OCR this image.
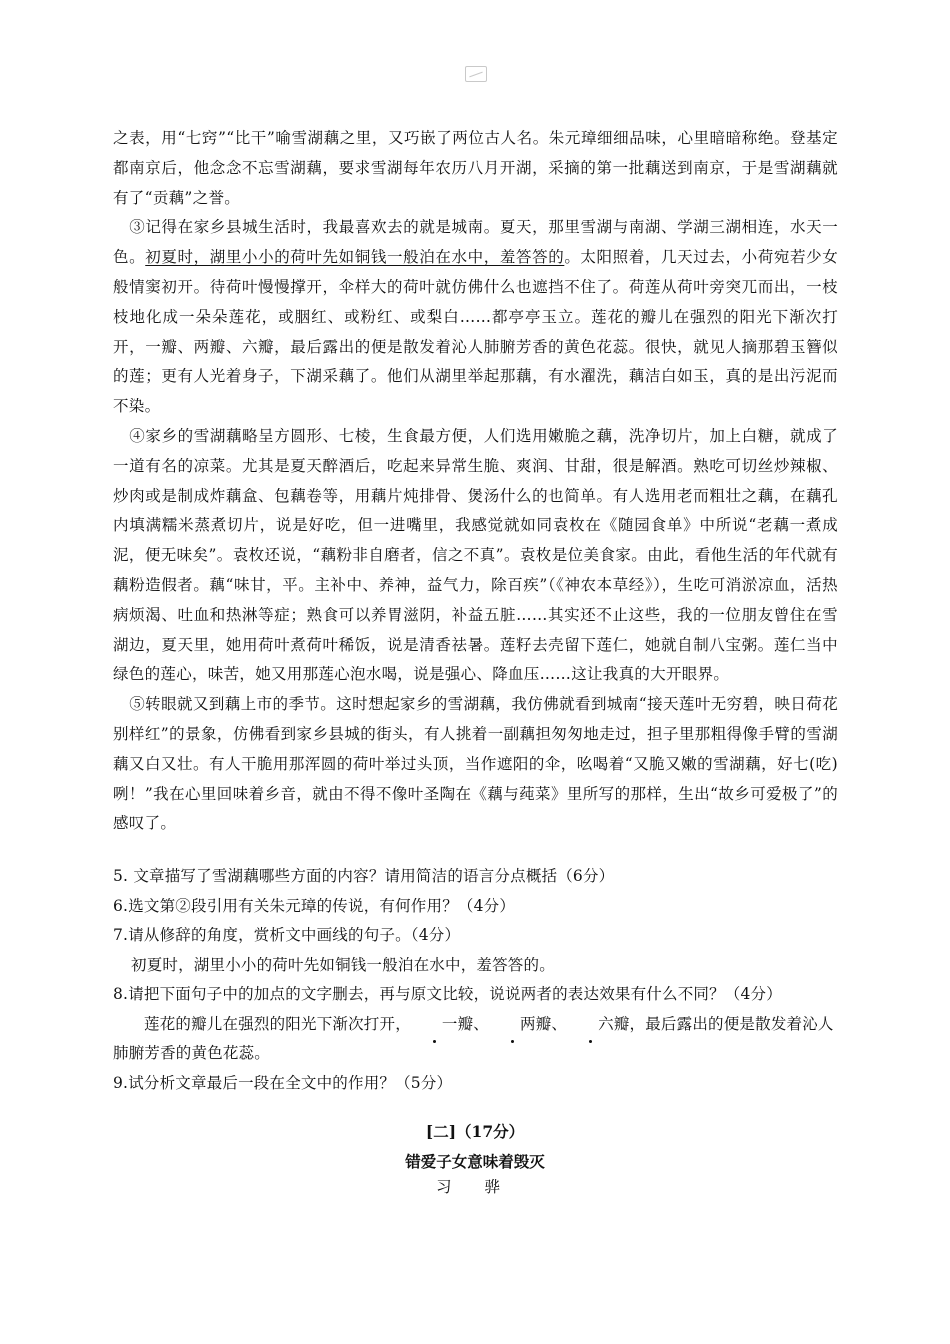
之表，用“七窍”“比干”喻雪湖藕之里，又巧嵌了两位古人名。朱元璋细细品味，心里暗暗称绝。登基定都南京后，他念念不忘雪湖藕，要求雪湖每年农历八月开湖，采摘的第一批藕送到南京，于是雪湖藕就有了“贡藕”之誉。

③记得在家乡县城生活时，我最喜欢去的就是城南。夏天，那里雪湖与南湖、学湖三湖相连，水天一色。初夏时，湖里小小的荷叶先如铜钱一般泊在水中，羞答答的。太阳照着，几天过去，小荷宛若少女般情窦初开。待荷叶慢慢撑开，伞样大的荷叶就仿佛什么也遮挡不住了。荷莲从荷叶旁突兀而出，一枝枝地化成一朵朵莲花，或胭红、或粉红、或梨白……都亭亭玉立。莲花的瓣儿在强烈的阳光下渐次打开，一瓣、两瓣、六瓣，最后露出的便是散发着沁人肺腑芳香的黄色花蕊。很快，就见人摘那碧玉簪似的莲；更有人光着身子，下湖采藕了。他们从湖里举起那藕，有水濯洗，藕洁白如玉，真的是出污泥而不染。

④家乡的雪湖藕略呈方圆形、七棱，生食最方便，人们选用嫩脆之藕，洗净切片，加上白糖，就成了一道有名的凉菜。尤其是夏天醉酒后，吃起来异常生脆、爽润、甘甜，很是解酒。熟吃可切丝炒辣椒、炒肉或是制成炸藕盒、包藕卷等，用藕片炖排骨、煲汤什么的也简单。有人选用老而粗壮之藕，在藕孔内填满糯米蒸煮切片，说是好吃，但一进嘴里，我感觉就如同袁枚在《随园食单》中所说“老藕一煮成泥，便无味矣”。袁枚还说，“藕粉非自磨者，信之不真”。袁枚是位美食家。由此，看他生活的年代就有藕粉造假者。藕“味甘，平。主补中、养神，益气力，除百疾”（《神农本草经》），生吃可消淤凉血，活热病烦渴、吐血和热淋等症；熟食可以养胃滋阴，补益五脏……其实还不止这些，我的一位朋友曾住在雪湖边，夏天里，她用荷叶煮荷叶稀饭，说是清香祛暑。莲籽去壳留下莲仁，她就自制八宝粥。莲仁当中绿色的莲心，味苦，她又用那莲心泡水喝，说是强心、降血压……这让我真的大开眼界。

⑤转眼就又到藕上市的季节。这时想起家乡的雪湖藕，我仿佛就看到城南“接天莲叶无穷碧，映日荷花别样红”的景象，仿佛看到家乡县城的街头，有人挑着一副藕担匆匆地走过，担子里那粗得像手臂的雪湖藕又白又壮。有人干脆用那浑圆的荷叶举过头顶，当作遮阳的伞，吆喝着“又脆又嫩的雪湖藕，好七(吃)咧！”我在心里回味着乡音，就由不得不像叶圣陶在《藕与莼菜》里所写的那样，生出“故乡可爱极了”的感叹了。

5. 文章描写了雪湖藕哪些方面的内容？请用简洁的语言分点概括（6分）

6.选文第②段引用有关朱元璋的传说，有何作用？（4分）

7.请从修辞的角度，赏析文中画线的句子。（4分）

初夏时，湖里小小的荷叶先如铜钱一般泊在水中，羞答答的。

8.请把下面句子中的加点的文字删去，再与原文比较，说说两者的表达效果有什么不同？（4分）

莲花的瓣儿在强烈的阳光下渐次打开， 一瓣、 两瓣、 六瓣，最后露出的便是散发着沁人肺腑芳香的黄色花蕊。

9.试分析文章最后一段在全文中的作用？（5分）

[二]（17分）
错爱子女意味着毁灭
习 骅
